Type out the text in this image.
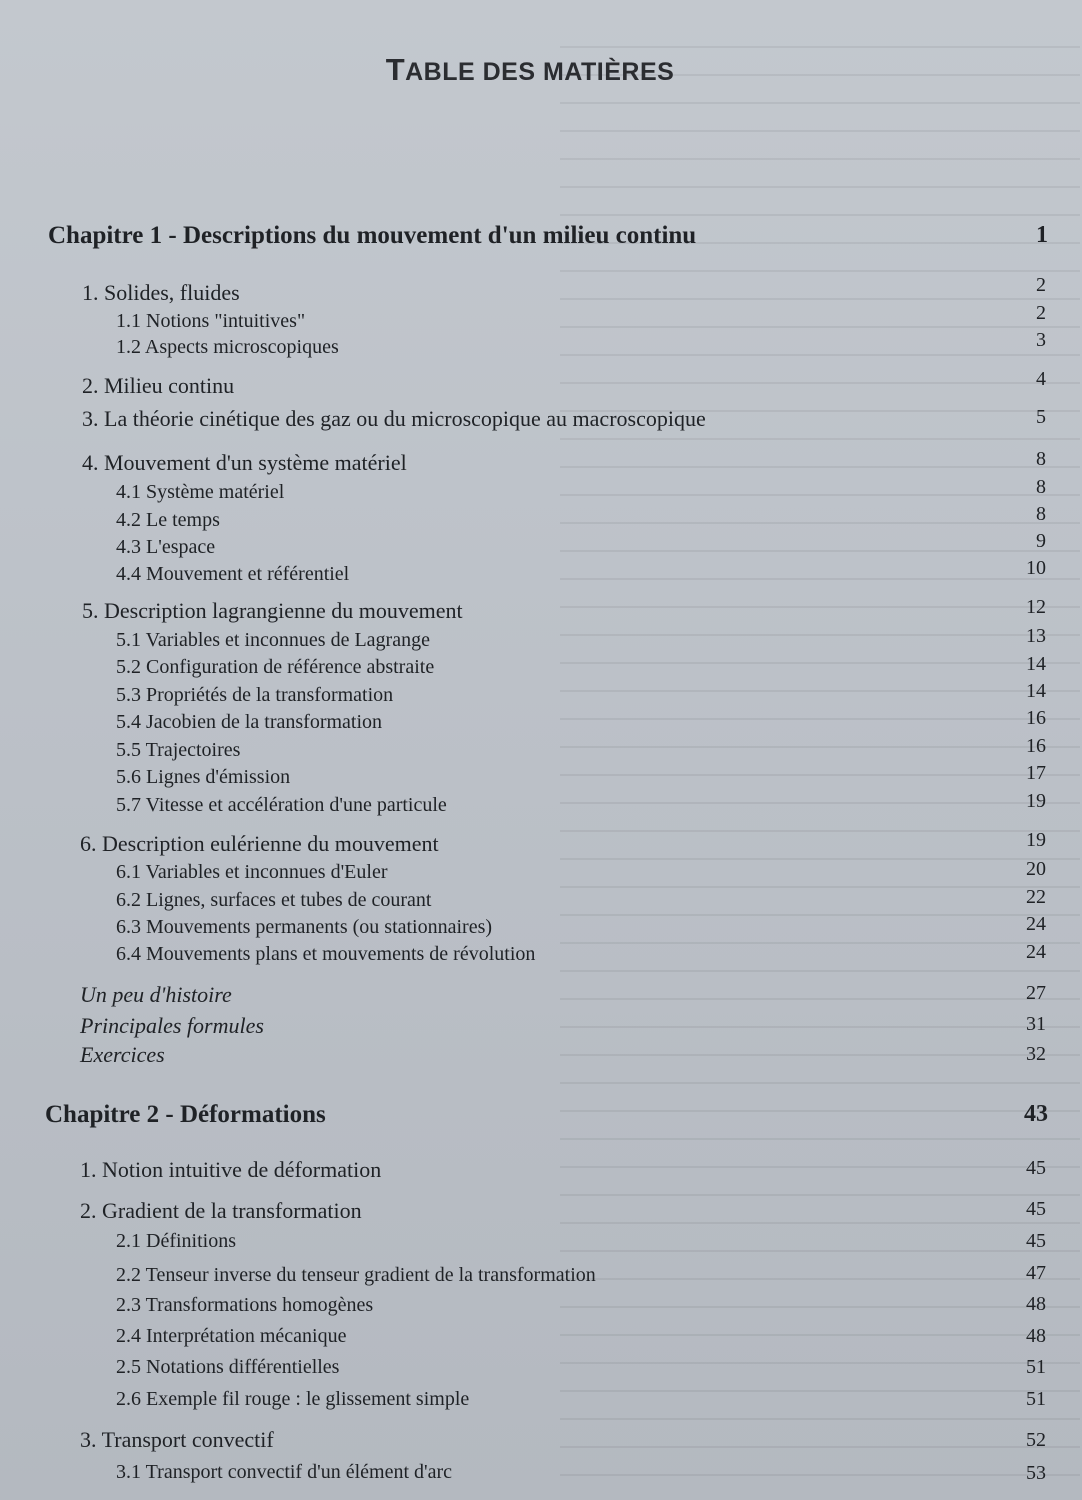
TABLE DES MATIÈRES
Chapitre 1 - Descriptions du mouvement d'un milieu continu	1
1. Solides, fluides	2
1.1 Notions "intuitives"	2
1.2 Aspects microscopiques	3
2. Milieu continu	4
3. La théorie cinétique des gaz ou du microscopique au macroscopique	5
4. Mouvement d'un système matériel	8
4.1 Système matériel	8
4.2 Le temps	8
4.3 L'espace	9
4.4 Mouvement et référentiel	10
5. Description lagrangienne du mouvement	12
5.1 Variables et inconnues de Lagrange	13
5.2 Configuration de référence abstraite	14
5.3 Propriétés de la transformation	14
5.4 Jacobien de la transformation	16
5.5 Trajectoires	16
5.6 Lignes d'émission	17
5.7 Vitesse et accélération d'une particule	19
6. Description eulérienne du mouvement	19
6.1 Variables et inconnues d'Euler	20
6.2 Lignes, surfaces et tubes de courant	22
6.3 Mouvements permanents (ou stationnaires)	24
6.4 Mouvements plans et mouvements de révolution	24
Un peu d'histoire	27
Principales formules	31
Exercices	32
Chapitre 2 - Déformations	43
1. Notion intuitive de déformation	45
2. Gradient de la transformation	45
2.1 Définitions	45
2.2 Tenseur inverse du tenseur gradient de la transformation	47
2.3 Transformations homogènes	48
2.4 Interprétation mécanique	48
2.5 Notations différentielles	51
2.6 Exemple fil rouge : le glissement simple	51
3. Transport convectif	52
3.1 Transport convectif d'un élément d'arc	53
